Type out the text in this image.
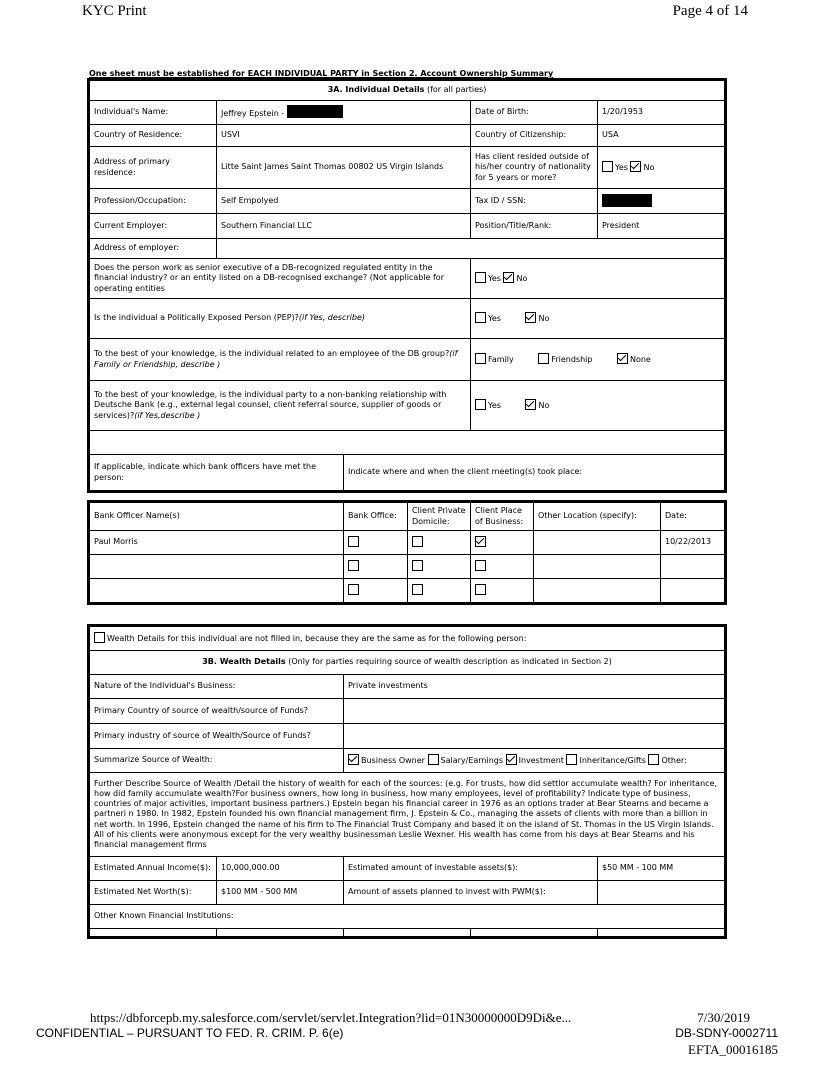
KYC Print	Page 4 of 14
One sheet must be established for EACH INDIVIDUAL PARTY in Section 2. Account Ownership Summary
3A. Individual Details (for all parties)				
Individual's Name:	Jeffrey Epstein -		Date of Birth:	1/20/1953
Country of Residence:	USVI		Country of Citizenship:	USA
Address of primary residence:	Litte Saint James Saint Thomas 00802 US Virgin Islands		Has client resided outside of his/her country of nationality for 5 years or more?	Yes No
Profession/Occupation:	Self Empolyed		Tax ID / SSN:	
Current Employer:	Southern Financial LLC		Position/Title/Rank:	President
Address of employer:				
Does the person work as senior executive of a DB-recognized regulated entity in the financial industry? or an entity listed on a DB-recognised exchange? (Not applicable for operating entities			Yes No	
Is the individual a Politically Exposed Person (PEP)?(if Yes, describe)			Yes No	
To the best of your knowledge, is the individual related to an employee of the DB group?(if Family or Friendship, describe )			Family Friendship None	
To the best of your knowledge, is the individual party to a non-banking relationship with Deutsche Bank (e.g., external legal counsel, client referral source, supplier of goods or services)?(if Yes,describe )			Yes No	

If applicable, indicate which bank officers have met the person:		Indicate where and when the client meeting(s) took place:		
Bank Officer Name(s)	Bank Office:	Client Private Domicile:	Client Place of Business:	Other Location (specify):	Date:
Paul Morris					10/22/2013

Wealth Details for this individual are not filled in, because they are the same as for the following person:				
3B. Wealth Details (Only for parties requiring source of wealth description as indicated in Section 2)				
Nature of the Individual's Business:		Private investments		
Primary Country of source of wealth/source of Funds?				
Primary industry of source of Wealth/Source of Funds?				
Summarize Source of Wealth:		Business Owner Salary/Earnings Investment Inheritance/Gifts Other:		
Further Describe Source of Wealth /Detail the history of wealth for each of the sources: (e.g. For trusts, how did settlor accumulate wealth? For inheritance, how did family accumulate wealth?For business owners, how long in business, how many employees, level of profitability? Indicate type of business, countries of major activities, important business partners.) Epstein began his financial career in 1976 as an options trader at Bear Stearns and became a partneri n 1980. In 1982, Epstein founded his own financial management firm, J. Epstein & Co., managing the assets of clients with more than a billion in net worth. In 1996, Epstein changed the name of his firm to The Financial Trust Company and based it on the island of St. Thomas in the US Virgin Islands. All of his clients were anonymous except for the very wealthy businessman Leslie Wexner. His wealth has come from his days at Bear Stearns and his financial management firms				
Estimated Annual Income($):	10,000,000.00	Estimated amount of investable assets($):		$50 MM - 100 MM
Estimated Net Worth($):	$100 MM - 500 MM	Amount of assets planned to invest with PWM($):		
Other Known Financial Institutions:				

https://dbforcepb.my.salesforce.com/servlet/servlet.Integration?lid=01N30000000D9Di&e...	7/30/2019
CONFIDENTIAL – PURSUANT TO FED. R. CRIM. P. 6(e)	DB-SDNY-0002711
EFTA_00016185
